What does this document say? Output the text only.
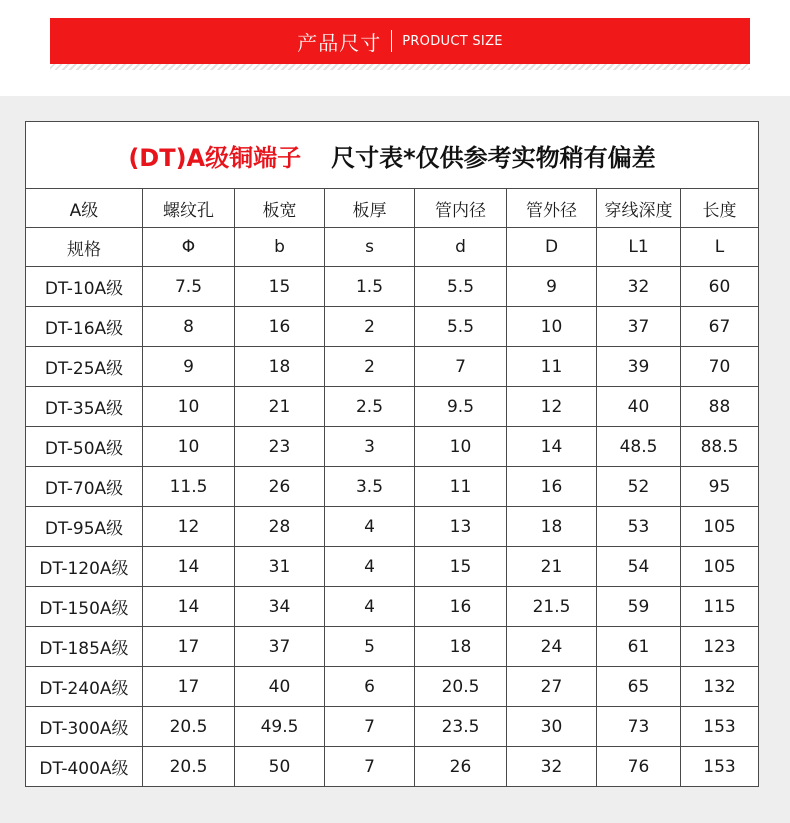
产品尺寸 PRODUCT SIZE
(DT)A级铜端子 尺寸表*仅供参考实物稍有偏差							
A级	螺纹孔	板宽	板厚	管内径	管外径	穿线深度	长度
规格	Φ	b	s	d	D	L1	L
DT-10A级	7.5	15	1.5	5.5	9	32	60
DT-16A级	8	16	2	5.5	10	37	67
DT-25A级	9	18	2	7	11	39	70
DT-35A级	10	21	2.5	9.5	12	40	88
DT-50A级	10	23	3	10	14	48.5	88.5
DT-70A级	11.5	26	3.5	11	16	52	95
DT-95A级	12	28	4	13	18	53	105
DT-120A级	14	31	4	15	21	54	105
DT-150A级	14	34	4	16	21.5	59	115
DT-185A级	17	37	5	18	24	61	123
DT-240A级	17	40	6	20.5	27	65	132
DT-300A级	20.5	49.5	7	23.5	30	73	153
DT-400A级	20.5	50	7	26	32	76	153
